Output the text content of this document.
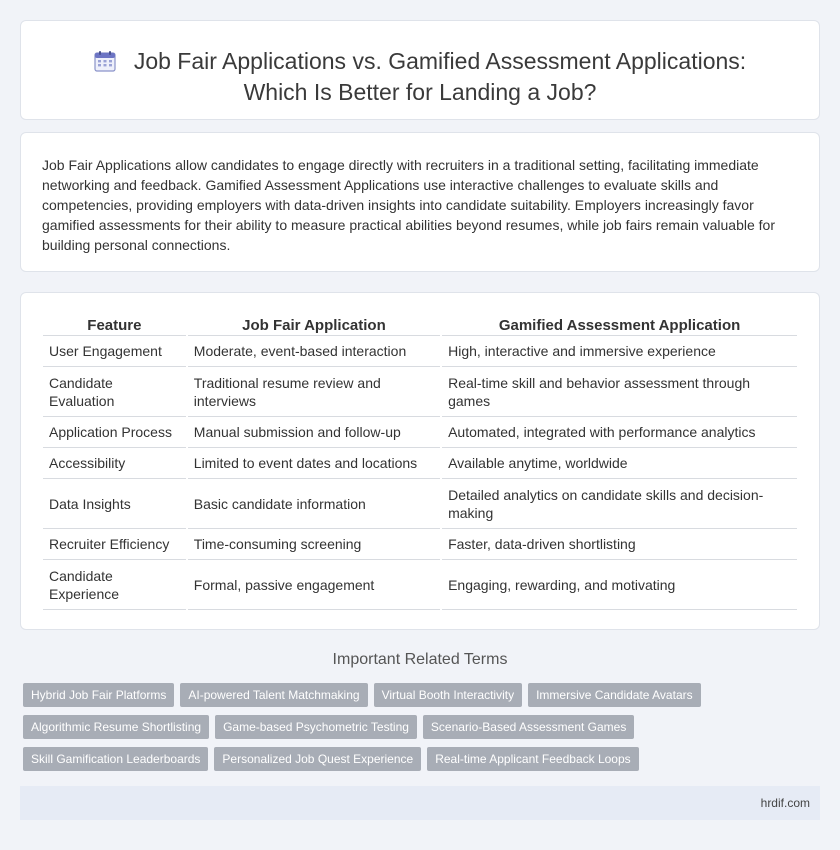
Job Fair Applications vs. Gamified Assessment Applications:
Which Is Better for Landing a Job?

Job Fair Applications allow candidates to engage directly with recruiters in a traditional setting, facilitating immediate networking and feedback. Gamified Assessment Applications use interactive challenges to evaluate skills and competencies, providing employers with data-driven insights into candidate suitability. Employers increasingly favor gamified assessments for their ability to measure practical abilities beyond resumes, while job fairs remain valuable for building personal connections.

Feature	Job Fair Application	Gamified Assessment Application
User Engagement	Moderate, event-based interaction	High, interactive and immersive experience
Candidate Evaluation	Traditional resume review and interviews	Real-time skill and behavior assessment through games
Application Process	Manual submission and follow-up	Automated, integrated with performance analytics
Accessibility	Limited to event dates and locations	Available anytime, worldwide
Data Insights	Basic candidate information	Detailed analytics on candidate skills and decision-making
Recruiter Efficiency	Time-consuming screening	Faster, data-driven shortlisting
Candidate Experience	Formal, passive engagement	Engaging, rewarding, and motivating
Important Related Terms
Hybrid Job Fair Platforms	AI-powered Talent Matchmaking	Virtual Booth Interactivity	Immersive Candidate Avatars
Algorithmic Resume Shortlisting	Game-based Psychometric Testing	Scenario-Based Assessment Games
Skill Gamification Leaderboards	Personalized Job Quest Experience	Real-time Applicant Feedback Loops
hrdif.com
